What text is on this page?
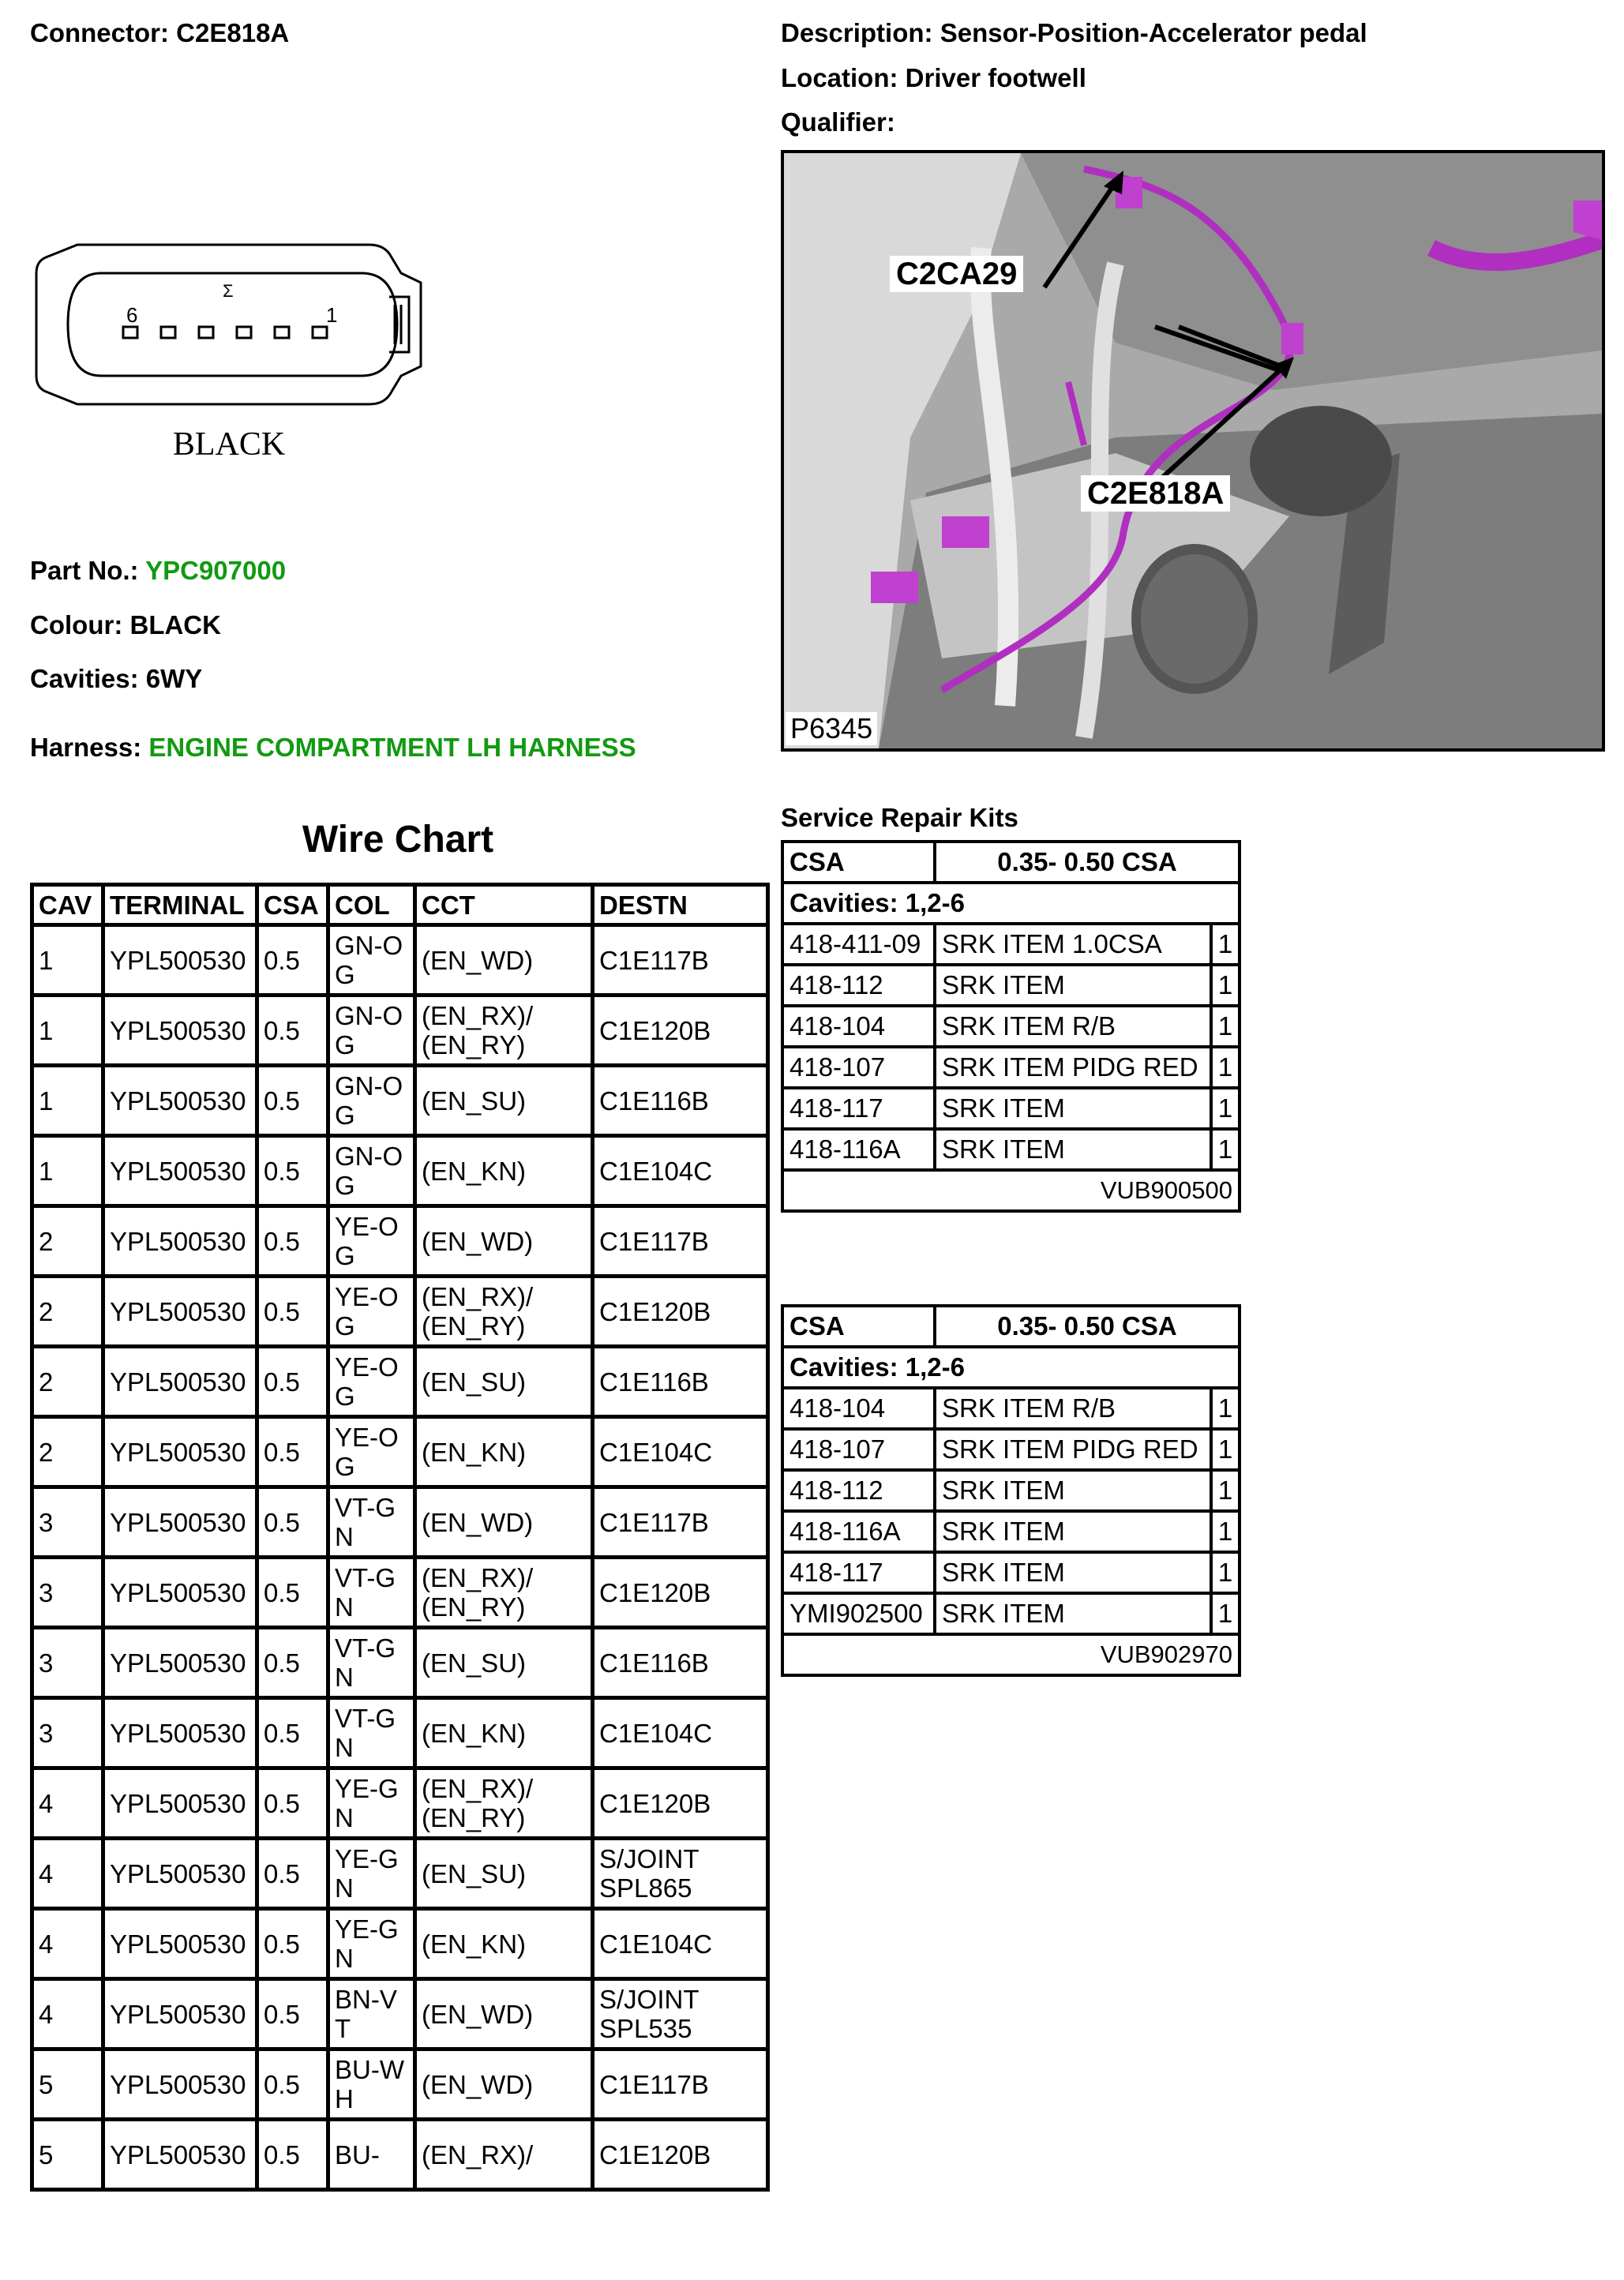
Connector: C2E818A	Description: Sensor-Position-Accelerator pedal
Location: Driver footwell
Qualifier:
6	1
Σ
BLACK
Part No.: YPC907000
Colour: BLACK
Cavities: 6WY
Harness: ENGINE COMPARTMENT LH HARNESS
C2CA29
C2E818A
P6345
Wire Chart
CAV	TERMINAL	CSA	COL	CCT	DESTN
1	YPL500530	0.5	GN-OG	(EN_WD)	C1E117B
1	YPL500530	0.5	GN-OG	(EN_RX)/ (EN_RY)	C1E120B
1	YPL500530	0.5	GN-OG	(EN_SU)	C1E116B
1	YPL500530	0.5	GN-OG	(EN_KN)	C1E104C
2	YPL500530	0.5	YE-OG	(EN_WD)	C1E117B
2	YPL500530	0.5	YE-OG	(EN_RX)/ (EN_RY)	C1E120B
2	YPL500530	0.5	YE-OG	(EN_SU)	C1E116B
2	YPL500530	0.5	YE-OG	(EN_KN)	C1E104C
3	YPL500530	0.5	VT-GN	(EN_WD)	C1E117B
3	YPL500530	0.5	VT-GN	(EN_RX)/ (EN_RY)	C1E120B
3	YPL500530	0.5	VT-GN	(EN_SU)	C1E116B
3	YPL500530	0.5	VT-GN	(EN_KN)	C1E104C
4	YPL500530	0.5	YE-GN	(EN_RX)/ (EN_RY)	C1E120B
4	YPL500530	0.5	YE-GN	(EN_SU)	S/JOINT SPL865
4	YPL500530	0.5	YE-GN	(EN_KN)	C1E104C
4	YPL500530	0.5	BN-VT	(EN_WD)	S/JOINT SPL535
5	YPL500530	0.5	BU-WH	(EN_WD)	C1E117B
5	YPL500530	0.5	BU-	(EN_RX)/	C1E120B
Service Repair Kits
CSA	0.35- 0.50 CSA	
Cavities: 1,2-6		
418-411-09	SRK ITEM 1.0CSA	1
418-112	SRK ITEM	1
418-104	SRK ITEM R/B	1
418-107	SRK ITEM PIDG RED	1
418-117	SRK ITEM	1
418-116A	SRK ITEM	1
VUB900500		
CSA	0.35- 0.50 CSA	
Cavities: 1,2-6		
418-104	SRK ITEM R/B	1
418-107	SRK ITEM PIDG RED	1
418-112	SRK ITEM	1
418-116A	SRK ITEM	1
418-117	SRK ITEM	1
YMI902500	SRK ITEM	1
VUB902970		
